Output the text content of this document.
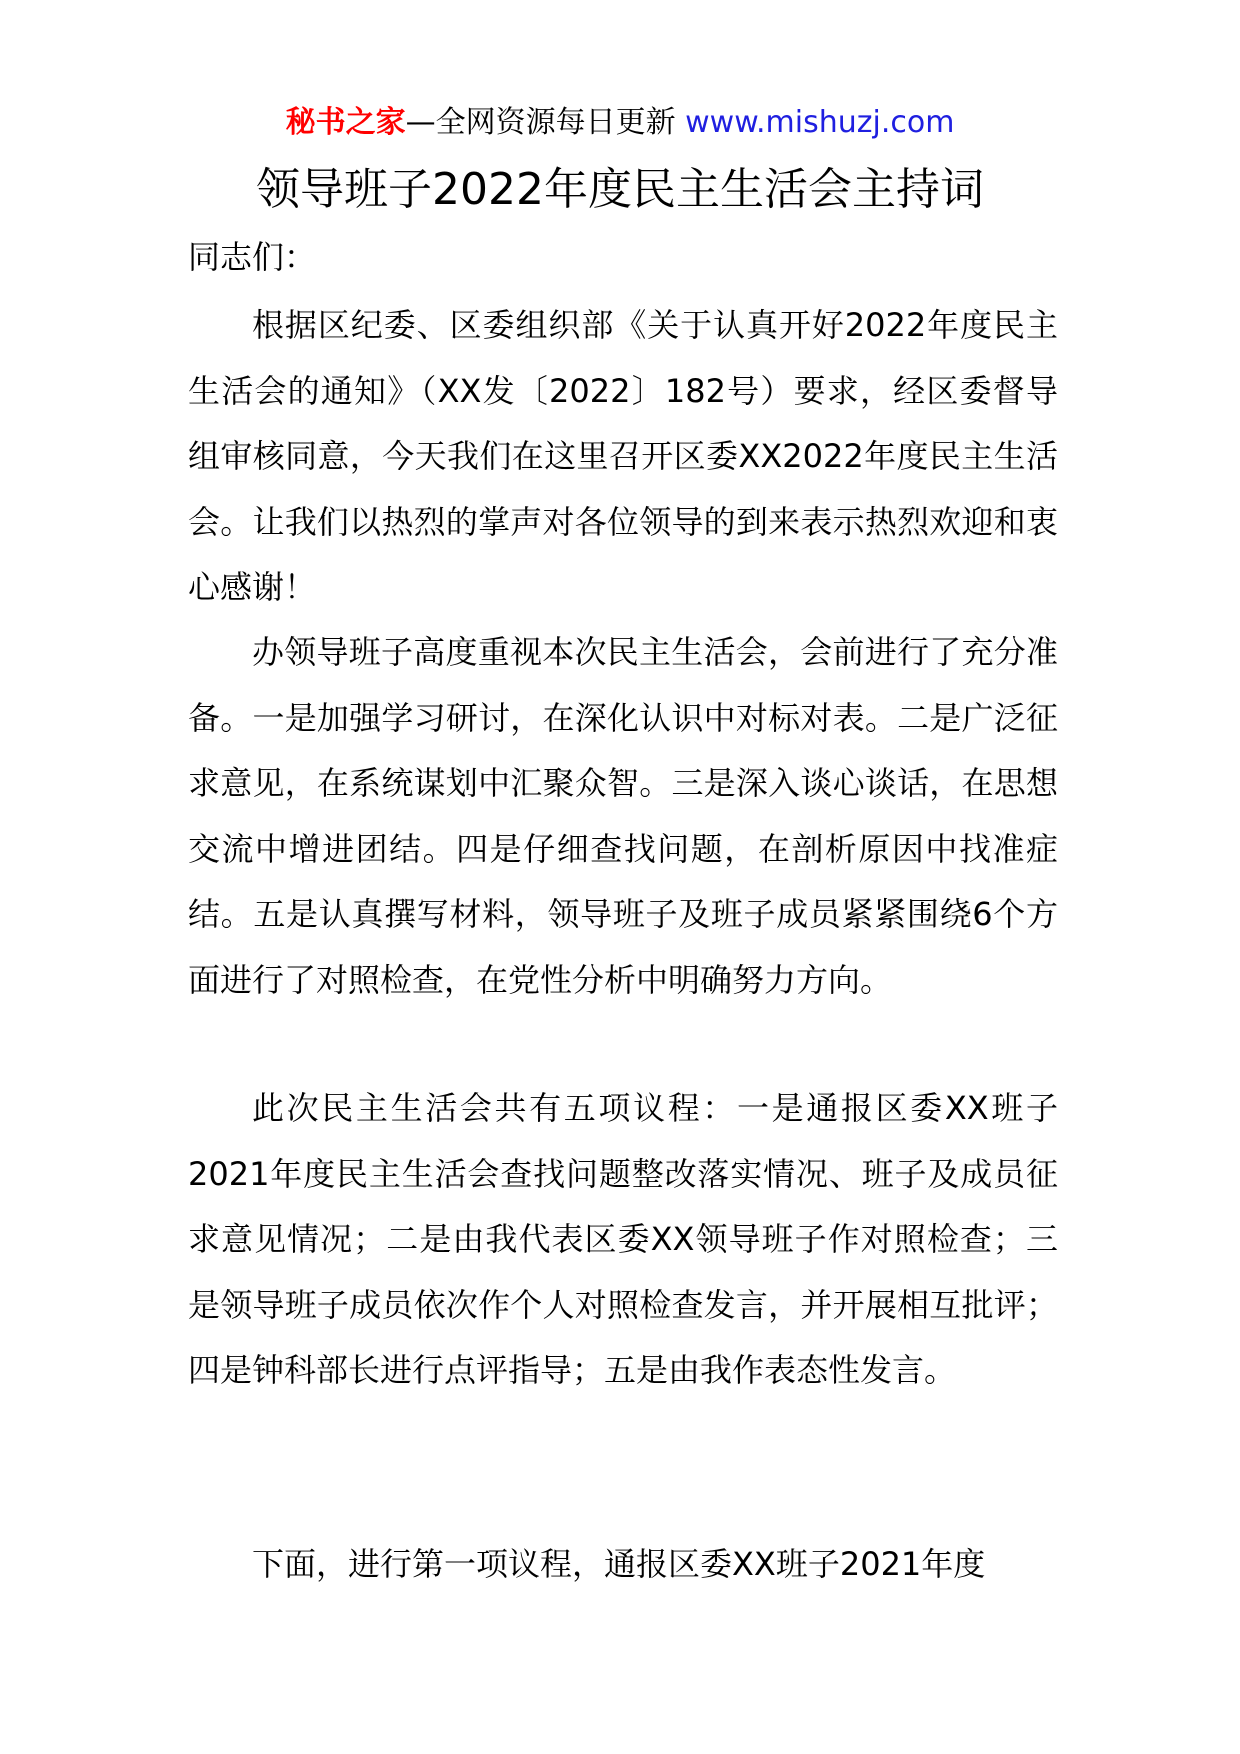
秘书之家—全网资源每日更新 www.mishuzj.com
领导班子2022年度民主生活会主持词
同志们：

根据区纪委、区委组织部《关于认真开好2022年度民主生活会的通知》（XX发〔2022〕182号）要求，经区委督导组审核同意，今天我们在这里召开区委XX2022年度民主生活会。让我们以热烈的掌声对各位领导的到来表示热烈欢迎和衷心感谢！

办领导班子高度重视本次民主生活会，会前进行了充分准备。一是加强学习研讨，在深化认识中对标对表。二是广泛征求意见，在系统谋划中汇聚众智。三是深入谈心谈话，在思想交流中增进团结。四是仔细查找问题，在剖析原因中找准症结。五是认真撰写材料，领导班子及班子成员紧紧围绕6个方面进行了对照检查，在党性分析中明确努力方向。

此次民主生活会共有五项议程：一是通报区委XX班子2021年度民主生活会查找问题整改落实情况、班子及成员征求意见情况；二是由我代表区委XX领导班子作对照检查；三是领导班子成员依次作个人对照检查发言，并开展相互批评；四是钟科部长进行点评指导；五是由我作表态性发言。

下面，进行第一项议程，通报区委XX班子2021年度
